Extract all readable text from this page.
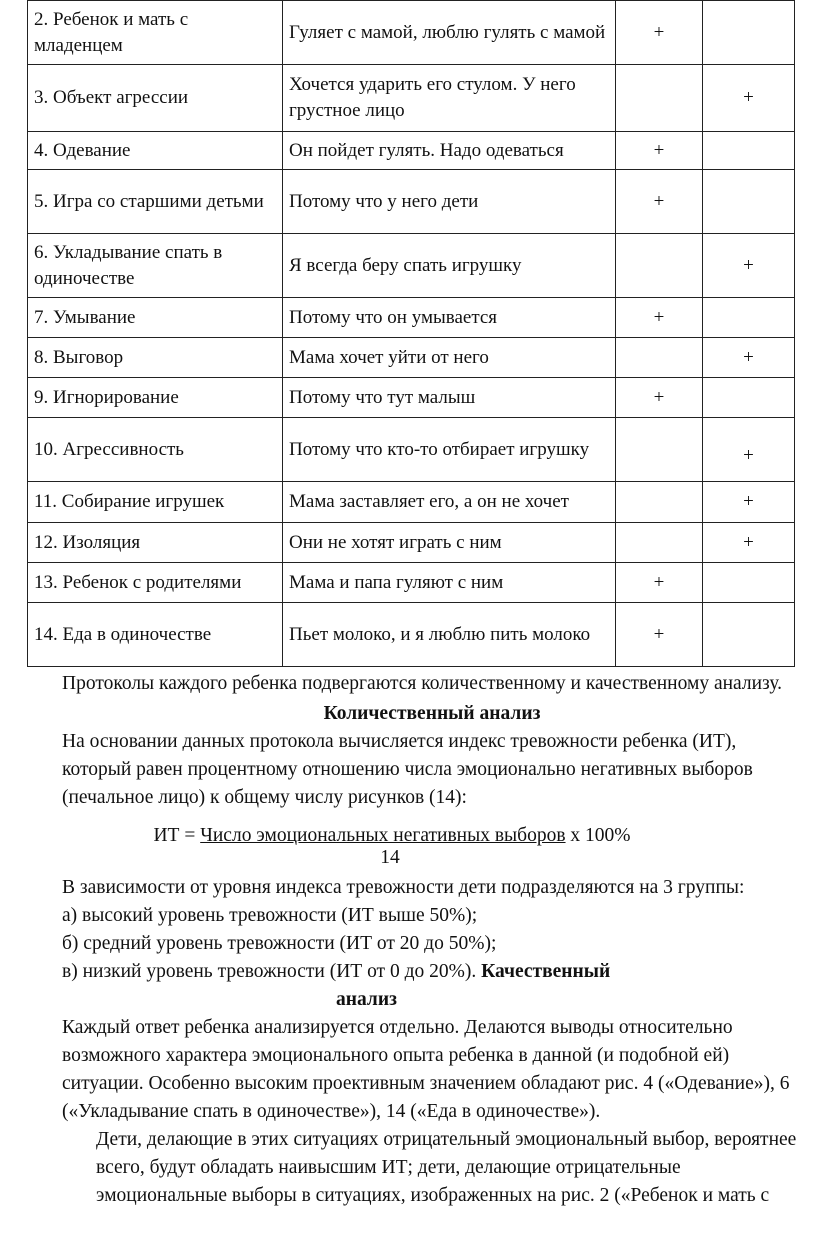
2. Ребенок и мать с младенцем	Гуляет с мамой, люблю гулять с мамой	+	
3. Объект агрессии	Хочется ударить его стулом. У него грустное лицо		+
4. Одевание	Он пойдет гулять. Надо одеваться	+	
5. Игра со старшими детьми	Потому что у него дети	+	
6. Укладывание спать в одиночестве	Я всегда беру спать игрушку		+
7. Умывание	Потому что он умывается	+	
8. Выговор	Мама хочет уйти от него		+
9. Игнорирование	Потому что тут малыш	+	
10. Агрессивность	Потому что кто-то отбирает игрушку		+
11. Собирание игрушек	Мама заставляет его, а он не хочет		+
12. Изоляция	Они не хотят играть с ним		+
13. Ребенок с родителями	Мама и папа гуляют с ним	+	
14. Еда в одиночестве	Пьет молоко, и я люблю пить молоко	+	

Протоколы каждого ребенка подвергаются количественному и качественному анализу.

Количественный анализ

На основании данных протокола вычисляется индекс тревожности ребенка (ИТ), который равен процентному отношению числа эмоционально негативных выборов (печальное лицо) к общему числу рисунков (14):

ИТ = Число эмоциональных негативных выборов х 100%

14

В зависимости от уровня индекса тревожности дети подразделяются на 3 группы:

а) высокий уровень тревожности (ИТ выше 50%);

б) средний уровень тревожности (ИТ от 20 до 50%);

в) низкий уровень тревожности (ИТ от 0 до 20%). Качественный

анализ

Каждый ответ ребенка анализируется отдельно. Делаются выводы относительно возможного характера эмоционального опыта ребенка в данной (и подобной ей) ситуации. Особенно высоким проективным значением обладают рис. 4 («Одевание»), 6 («Укладывание спать в одиночестве»), 14 («Еда в одиночестве»).

Дети, делающие в этих ситуациях отрицательный эмоциональный выбор, вероятнее всего, будут обладать наивысшим ИТ; дети, делающие отрицательные эмоциональные выборы в ситуациях, изображенных на рис. 2 («Ребенок и мать с
